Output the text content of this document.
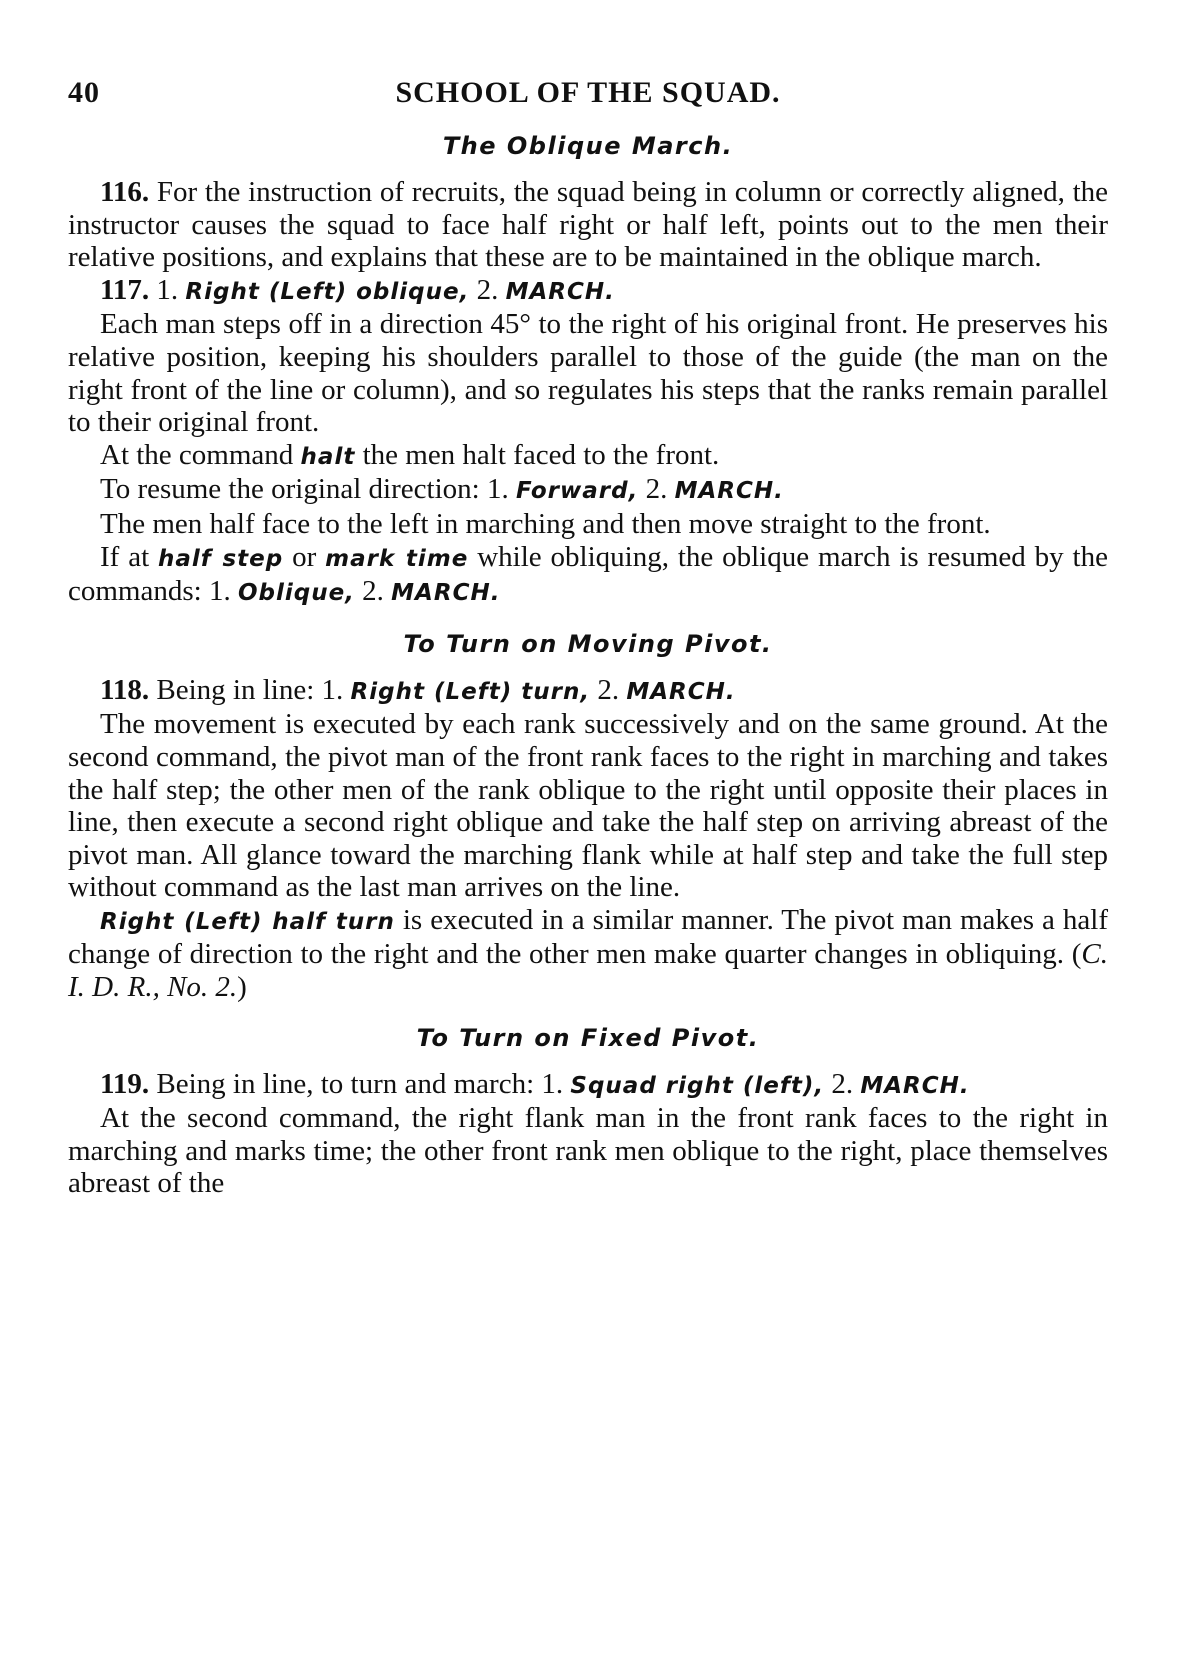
40	SCHOOL OF THE SQUAD.
The Oblique March.

116. For the instruction of recruits, the squad being in column or correctly aligned, the instructor causes the squad to face half right or half left, points out to the men their relative positions, and explains that these are to be maintained in the oblique march.

117. 1. Right (Left) oblique, 2. MARCH.

Each man steps off in a direction 45° to the right of his original front. He preserves his relative position, keeping his shoulders parallel to those of the guide (the man on the right front of the line or column), and so regulates his steps that the ranks remain parallel to their original front.

At the command halt the men halt faced to the front.

To resume the original direction: 1. Forward, 2. MARCH.

The men half face to the left in marching and then move straight to the front.

If at half step or mark time while obliquing, the oblique march is resumed by the commands: 1. Oblique, 2. MARCH.

To Turn on Moving Pivot.

118. Being in line: 1. Right (Left) turn, 2. MARCH.

The movement is executed by each rank successively and on the same ground. At the second command, the pivot man of the front rank faces to the right in marching and takes the half step; the other men of the rank oblique to the right until opposite their places in line, then execute a second right oblique and take the half step on arriving abreast of the pivot man. All glance toward the marching flank while at half step and take the full step without command as the last man arrives on the line.

Right (Left) half turn is executed in a similar manner. The pivot man makes a half change of direction to the right and the other men make quarter changes in obliquing. (C. I. D. R., No. 2.)

To Turn on Fixed Pivot.

119. Being in line, to turn and march: 1. Squad right (left), 2. MARCH.

At the second command, the right flank man in the front rank faces to the right in marching and marks time; the other front rank men oblique to the right, place themselves abreast of the
